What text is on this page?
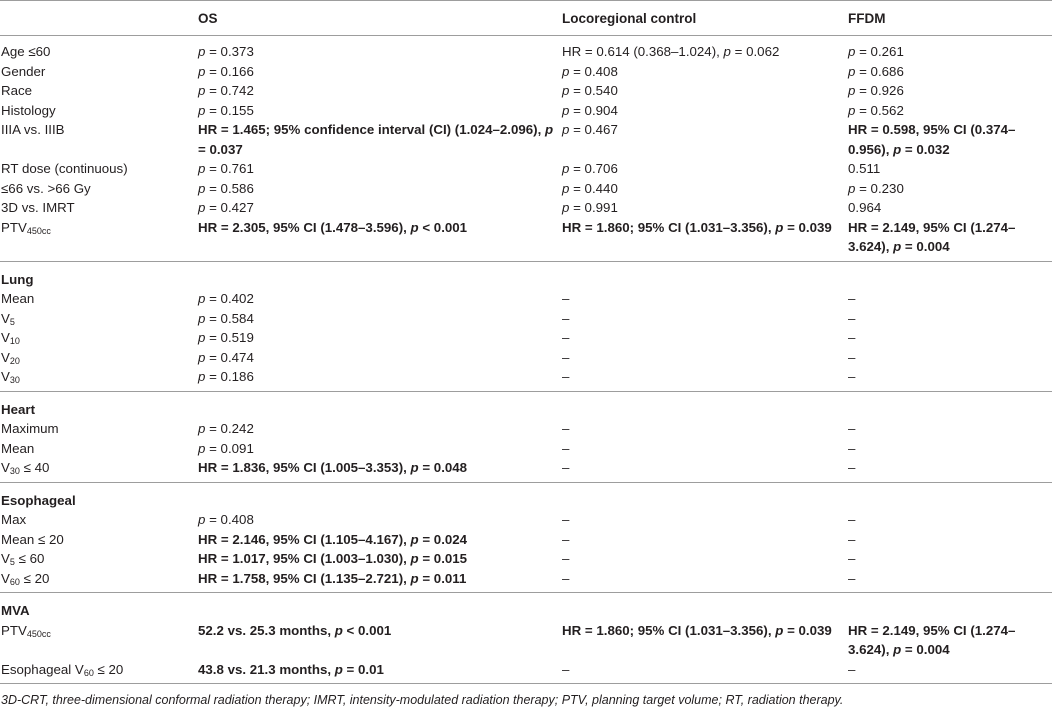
	OS	Locoregional control	FFDM
Age ≤60	p = 0.373	HR = 0.614 (0.368–1.024), p = 0.062	p = 0.261
Gender	p = 0.166	p = 0.408	p = 0.686
Race	p = 0.742	p = 0.540	p = 0.926
Histology	p = 0.155	p = 0.904	p = 0.562
IIIA vs. IIIB	HR = 1.465; 95% confidence interval (CI) (1.024–2.096), p = 0.037	p = 0.467	HR = 0.598, 95% CI (0.374–0.956), p = 0.032
RT dose (continuous)	p = 0.761	p = 0.706	0.511
≤66 vs. >66 Gy	p = 0.586	p = 0.440	p = 0.230
3D vs. IMRT	p = 0.427	p = 0.991	0.964
$PTV_{450cc}$	HR = 2.305, 95% CI (1.478–3.596), p < 0.001	HR = 1.860; 95% CI (1.031–3.356), p = 0.039	HR = 2.149, 95% CI (1.274–3.624), p = 0.004
Lung			
Mean	p = 0.402	–	–
$V_5$	p = 0.584	–	–
$V_{10}$	p = 0.519	–	–
$V_{20}$	p = 0.474	–	–
$V_{30}$	p = 0.186	–	–
Heart			
Maximum	p = 0.242	–	–
Mean	p = 0.091	–	–
$V_{30} \le 40$	HR = 1.836, 95% CI (1.005–3.353), p = 0.048	–	–
Esophageal			
Max	p = 0.408	–	–
Mean ≤ 20	HR = 2.146, 95% CI (1.105–4.167), p = 0.024	–	–
$V_5 \le 60$	HR = 1.017, 95% CI (1.003–1.030), p = 0.015	–	–
$V_{60} \le 20$	HR = 1.758, 95% CI (1.135–2.721), p = 0.011	–	–
MVA			
$PTV_{450cc}$	52.2 vs. 25.3 months, p < 0.001	HR = 1.860; 95% CI (1.031–3.356), p = 0.039	HR = 2.149, 95% CI (1.274–3.624), p = 0.004
Esophageal $V_{60} \le 20$	43.8 vs. 21.3 months, p = 0.01	–	–
3D-CRT, three-dimensional conformal radiation therapy; IMRT, intensity-modulated radiation therapy; PTV, planning target volume; RT, radiation therapy.
